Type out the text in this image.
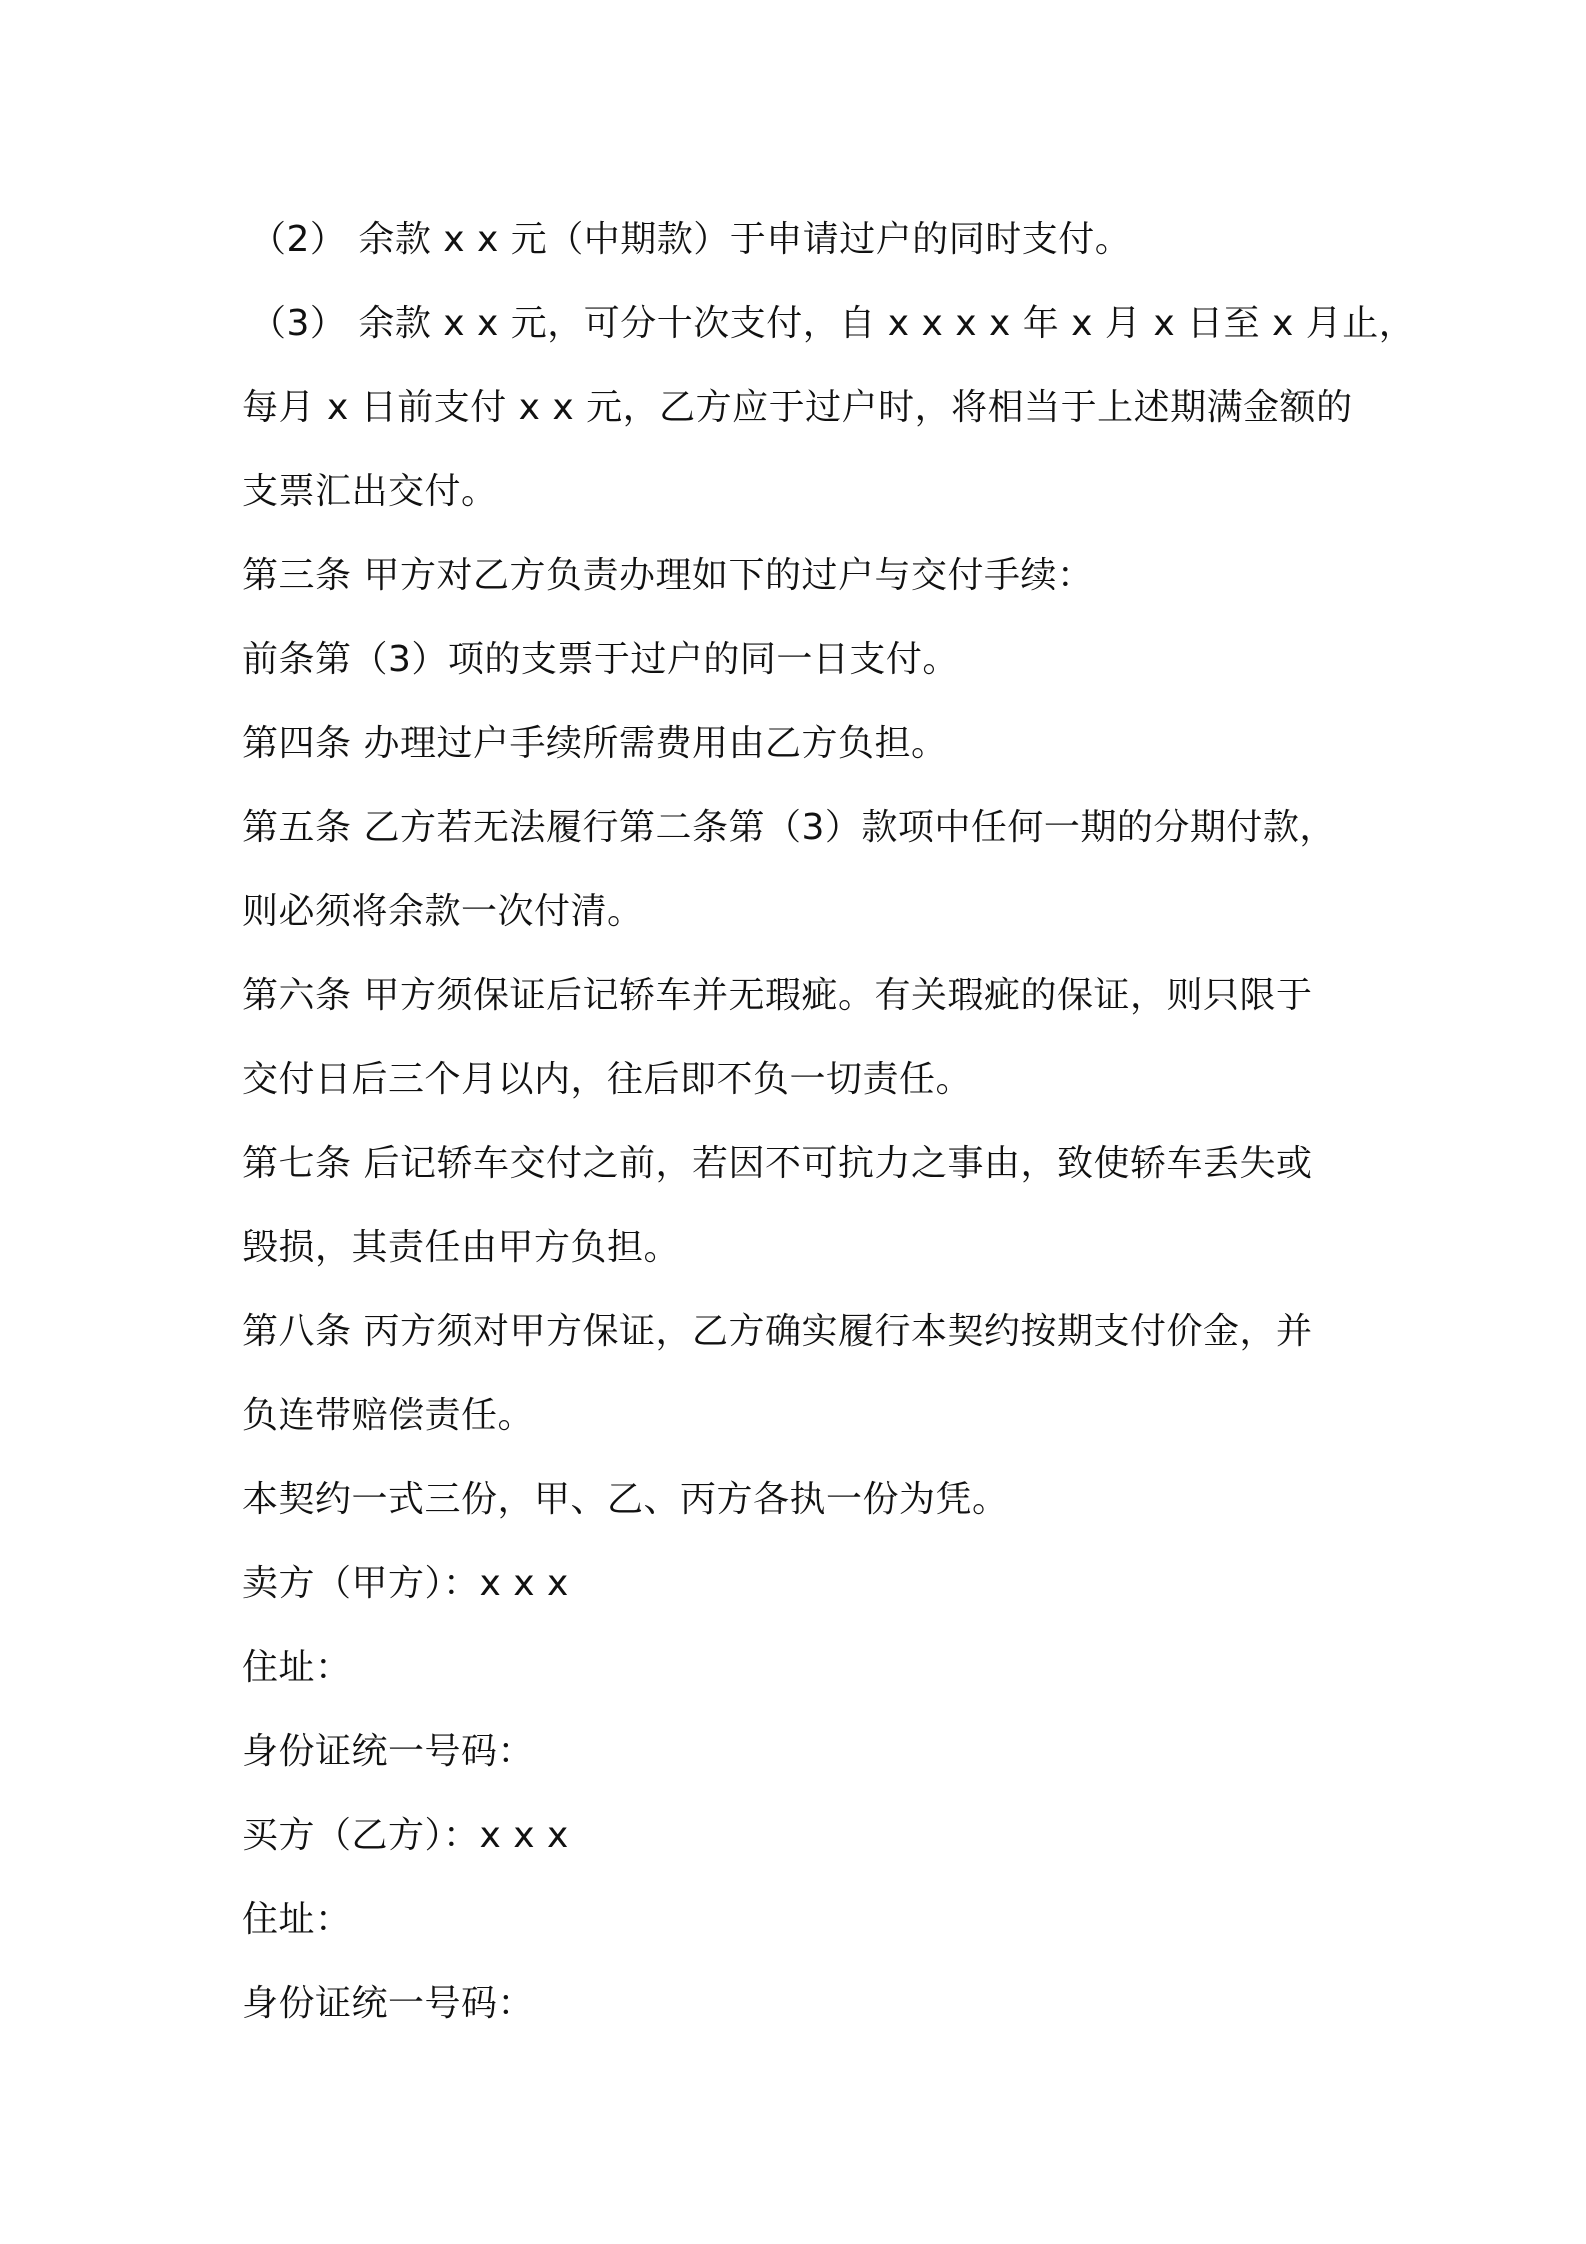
（2） 余款 x x 元（中期款）于申请过户的同时支付。
（3） 余款 x x 元，可分十次支付，自 x x x x 年 x 月 x 日至 x 月止，
每月 x 日前支付 x x 元，乙方应于过户时，将相当于上述期满金额的
支票汇出交付。
第三条 甲方对乙方负责办理如下的过户与交付手续：
前条第（3）项的支票于过户的同一日支付。
第四条 办理过户手续所需费用由乙方负担。
第五条 乙方若无法履行第二条第（3）款项中任何一期的分期付款，
则必须将余款一次付清。
第六条 甲方须保证后记轿车并无瑕疵。有关瑕疵的保证，则只限于
交付日后三个月以内，往后即不负一切责任。
第七条 后记轿车交付之前，若因不可抗力之事由，致使轿车丢失或
毁损，其责任由甲方负担。
第八条 丙方须对甲方保证，乙方确实履行本契约按期支付价金，并
负连带赔偿责任。
本契约一式三份，甲、乙、丙方各执一份为凭。
卖方（甲方）：x x x
住址：
身份证统一号码：
买方（乙方）：x x x
住址：
身份证统一号码：
